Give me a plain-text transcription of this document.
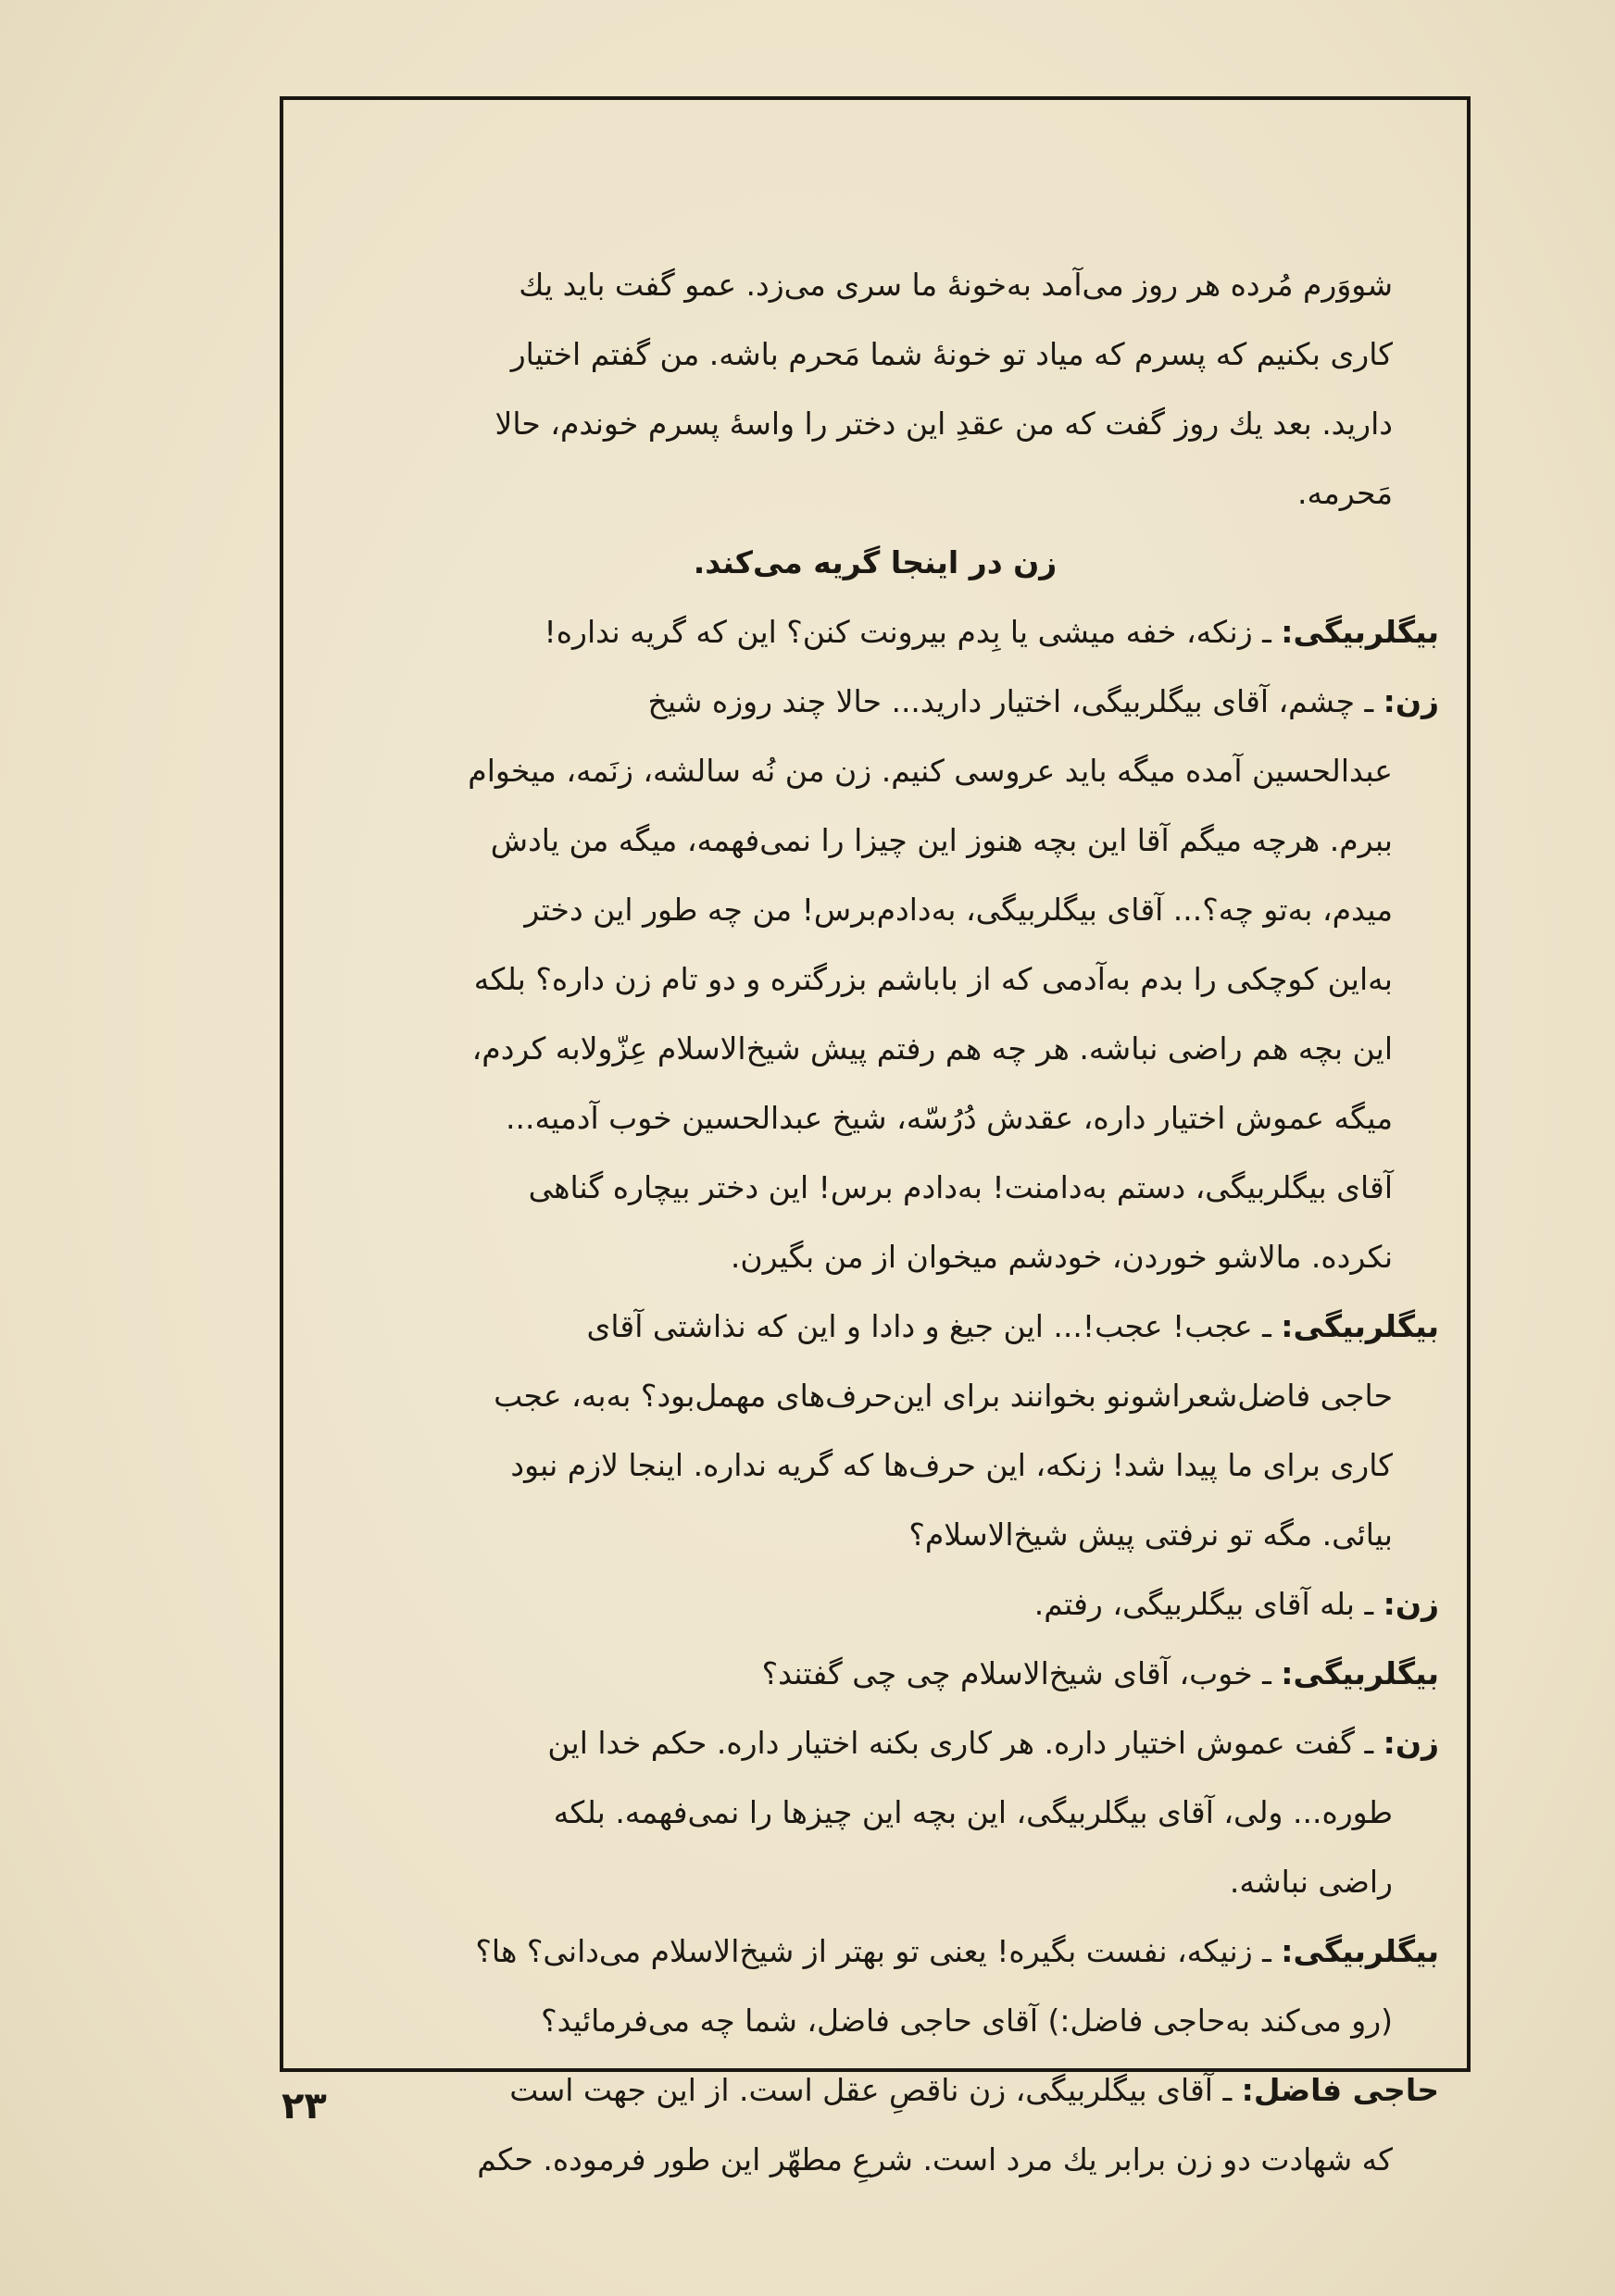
شووَرم مُرده هر روز می‌آمد به‌خونهٔ ما سری می‌زد. عمو گفت باید یك
کاری بکنیم که پسرم که میاد تو خونهٔ شما مَحرم باشه. من گفتم اختیار
دارید. بعد یك روز گفت که من عقدِ این دختر را واسهٔ پسرم خوندم، حالا
مَحرمه.
زن در اینجا گریه می‌کند.
بیگلربیگی: ـ زنکه، خفه میشی یا بِدم بیرونت کنن؟ این که گریه نداره!
زن: ـ چشم، آقای بیگلربیگی، اختیار دارید... حالا چند روزه شیخ
عبدالحسین آمده میگه باید عروسی کنیم. زن من نُه سالشه، زنَمه، میخوام
ببرم. هرچه میگم آقا این بچه هنوز این چیزا را نمی‌فهمه، میگه من یادش
میدم، به‌تو چه؟... آقای بیگلربیگی، به‌دادم‌برس! من چه طور این دختر
به‌این کوچکی را بدم به‌آدمی که از باباشم بزرگتره و دو تام زن داره؟ بلکه
این بچه هم راضی نباشه. هر چه هم رفتم پیش شیخ‌الاسلام عِزّولابه کردم،
میگه عموش اختیار داره، عقدش دُرُسّه، شیخ عبدالحسین خوب آدمیه...
آقای بیگلربیگی، دستم به‌دامنت! به‌دادم برس! این دختر بیچاره گناهی
نکرده. مالاشو خوردن، خودشم میخوان از من بگیرن.
بیگلربیگی: ـ عجب! عجب!... این جیغ و دادا و این که نذاشتی آقای
حاجی فاضل‌شعراشونو بخوانند برای این‌حرف‌های مهمل‌بود؟ به‌به، عجب
کاری برای ما پیدا شد! زنکه، این حرف‌ها که گریه نداره. اینجا لازم نبود
بیائی. مگه تو نرفتی پیش شیخ‌الاسلام؟
زن: ـ بله آقای بیگلربیگی، رفتم.
بیگلربیگی: ـ خوب، آقای شیخ‌الاسلام چی چی گفتند؟
زن: ـ گفت عموش اختیار داره. هر کاری بکنه اختیار داره. حکم خدا این
طوره... ولی، آقای بیگلربیگی، این بچه این چیزها را نمی‌فهمه. بلکه
راضی نباشه.
بیگلربیگی: ـ زنیکه، نفست بگیره! یعنی تو بهتر از شیخ‌الاسلام می‌دانی؟ ها؟
(رو می‌کند به‌حاجی فاضل:) آقای حاجی فاضل، شما چه می‌فرمائید؟
حاجی فاضل: ـ آقای بیگلربیگی، زن ناقصِ عقل است. از این جهت است
که شهادت دو زن برابر یك مرد است. شرعِ مطهّر این طور فرموده. حکم
۲۳
